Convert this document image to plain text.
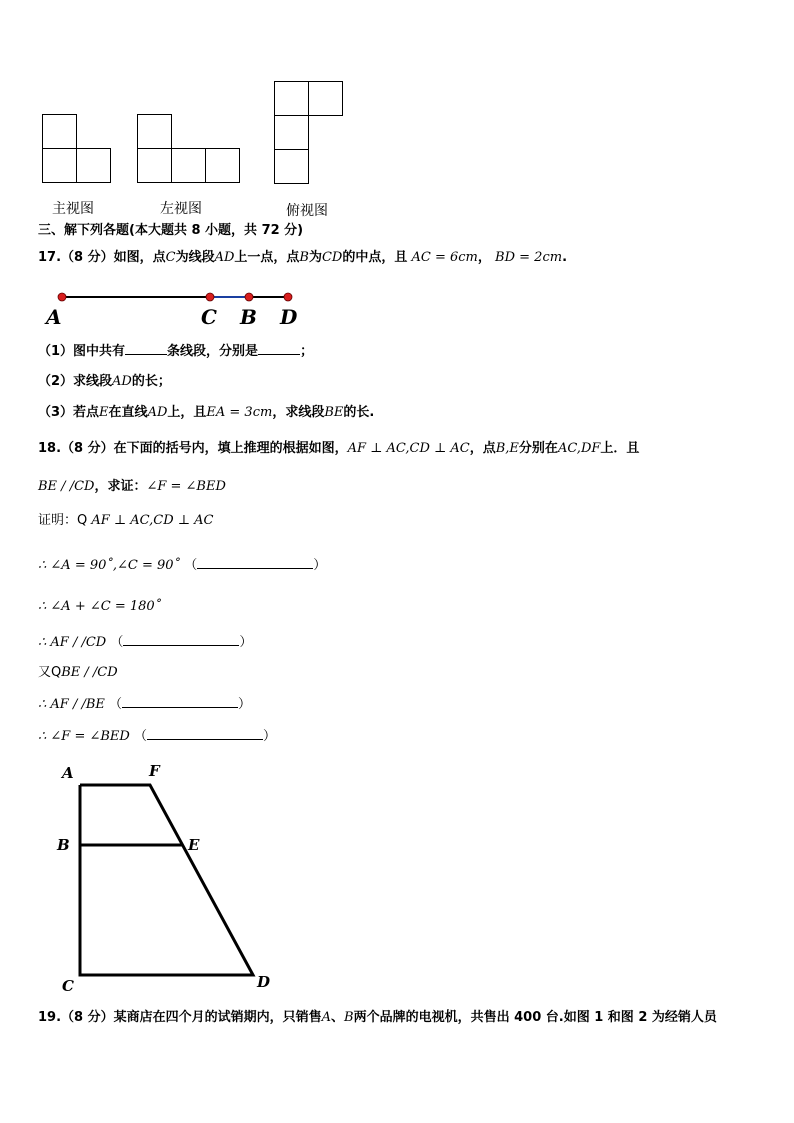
主视图	左视图	俯视图
三、解下列各题(本大题共 8 小题，共 72 分)
17.（8 分）如图，点C为线段AD上一点，点B为CD的中点，且 AC = 6cm， BD = 2cm.
A	C B D
（1）图中共有	条线段，分别是	；
（2）求线段AD的长；
（3）若点E在直线AD上，且EA = 3cm，求线段BE的长.
18.（8 分）在下面的括号内，填上推理的根据如图，AF ⊥ AC,CD ⊥ AC，点B,E分别在AC,DF上．且
BE / /CD，求证：∠F = ∠BED
证明：Q AF ⊥ AC,CD ⊥ AC
∴ ∠A = 90˚,∠C = 90˚ （	）
∴ ∠A + ∠C = 180˚
∴ AF / /CD （	）
又QBE / /CD
∴ AF / /BE （	）
∴ ∠F = ∠BED （	）
A	F
B	E
C	D
19.（8 分）某商店在四个月的试销期内，只销售A、B两个品牌的电视机，共售出 400 台.如图 1 和图 2 为经销人员
